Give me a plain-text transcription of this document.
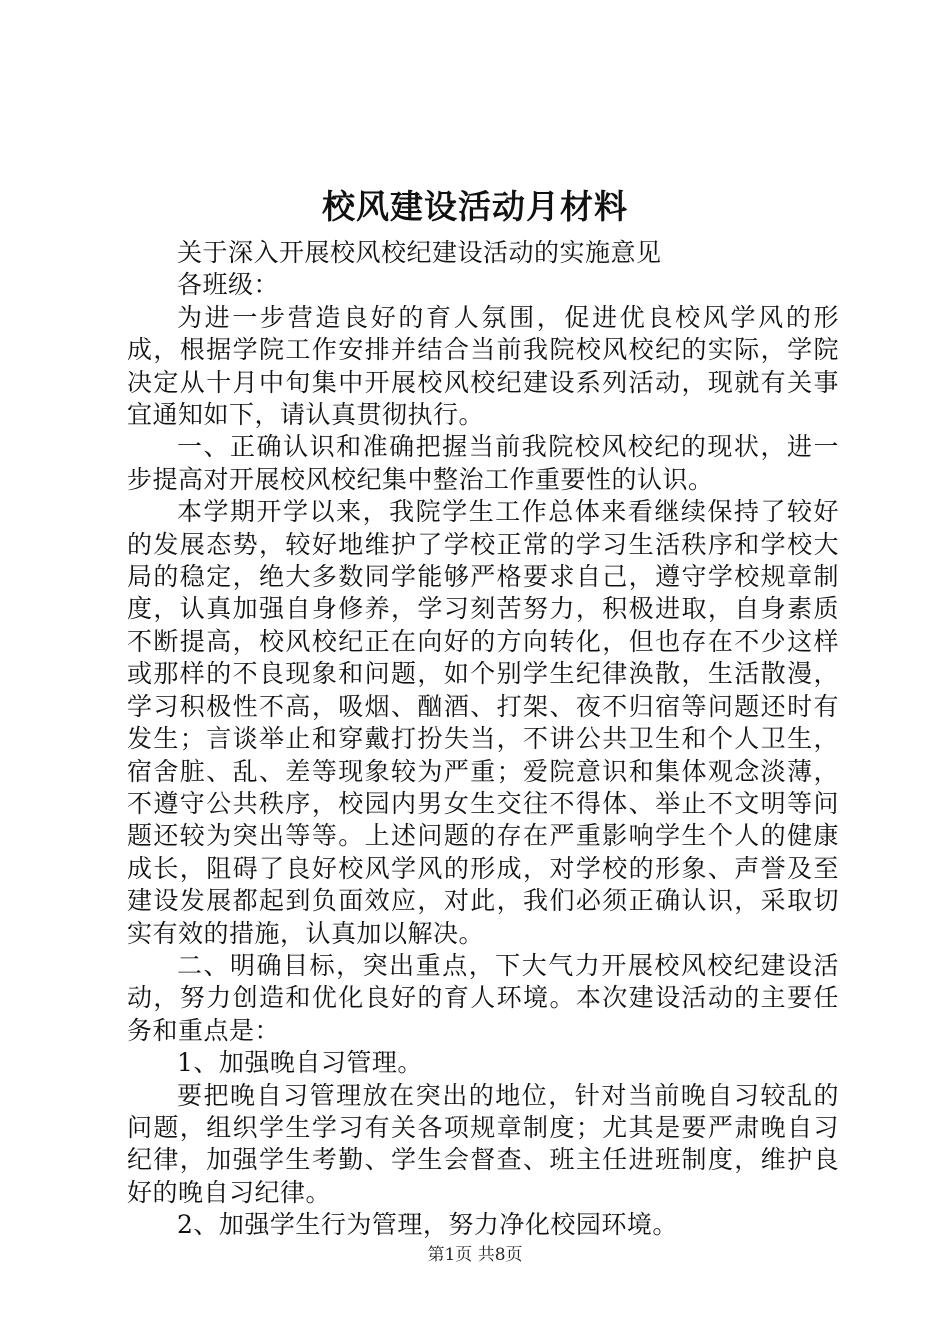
校风建设活动月材料

关于深入开展校风校纪建设活动的实施意见

各班级：

为进一步营造良好的育人氛围，促进优良校风学风的形成，根据学院工作安排并结合当前我院校风校纪的实际，学院决定从十月中旬集中开展校风校纪建设系列活动，现就有关事宜通知如下，请认真贯彻执行。

一、正确认识和准确把握当前我院校风校纪的现状，进一步提高对开展校风校纪集中整治工作重要性的认识。

本学期开学以来，我院学生工作总体来看继续保持了较好的发展态势，较好地维护了学校正常的学习生活秩序和学校大局的稳定，绝大多数同学能够严格要求自己，遵守学校规章制度，认真加强自身修养，学习刻苦努力，积极进取，自身素质不断提高，校风校纪正在向好的方向转化，但也存在不少这样或那样的不良现象和问题，如个别学生纪律涣散，生活散漫，学习积极性不高，吸烟、酗酒、打架、夜不归宿等问题还时有发生；言谈举止和穿戴打扮失当，不讲公共卫生和个人卫生，宿舍脏、乱、差等现象较为严重；爱院意识和集体观念淡薄，不遵守公共秩序，校园内男女生交往不得体、举止不文明等问题还较为突出等等。上述问题的存在严重影响学生个人的健康成长，阻碍了良好校风学风的形成，对学校的形象、声誉及至建设发展都起到负面效应，对此，我们必须正确认识，采取切实有效的措施，认真加以解决。

二、明确目标，突出重点，下大气力开展校风校纪建设活动，努力创造和优化良好的育人环境。本次建设活动的主要任务和重点是：

1、加强晚自习管理。

要把晚自习管理放在突出的地位，针对当前晚自习较乱的问题，组织学生学习有关各项规章制度；尤其是要严肃晚自习纪律，加强学生考勤、学生会督查、班主任进班制度，维护良好的晚自习纪律。

2、加强学生行为管理，努力净化校园环境。

第1页 共8页
